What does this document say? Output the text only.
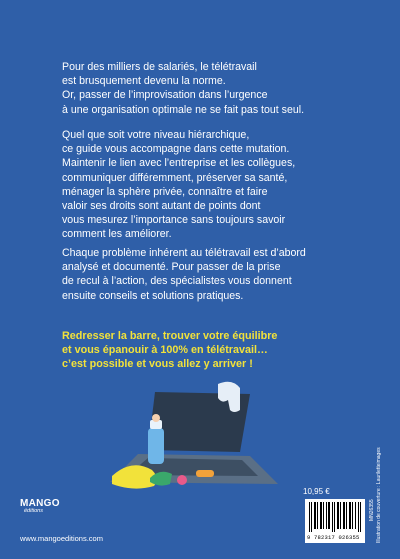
Pour des milliers de salariés, le télétravail
est brusquement devenu la norme.
Or, passer de l’improvisation dans l’urgence
à une organisation optimale ne se fait pas tout seul.

Quel que soit votre niveau hiérarchique,
ce guide vous accompagne dans cette mutation.
Maintenir le lien avec l’entreprise et les collègues,
communiquer différemment, préserver sa santé,
ménager la sphère privée, connaître et faire
valoir ses droits sont autant de points dont
vous mesurez l’importance sans toujours savoir
comment les améliorer.

Chaque problème inhérent au télétravail est d’abord
analysé et documenté. Pour passer de la prise
de recul à l’action, des spécialistes vous donnent
ensuite conseils et solutions pratiques.

Redresser la barre, trouver votre équilibre
et vous épanouir à 100% en télétravail…
c’est possible et vous allez y arriver !

MANGO
éditions
www.mangoeditions.com
10,95 €
9 782317 026355
MN26355 Illustration de couverture : Lauriletteimages
